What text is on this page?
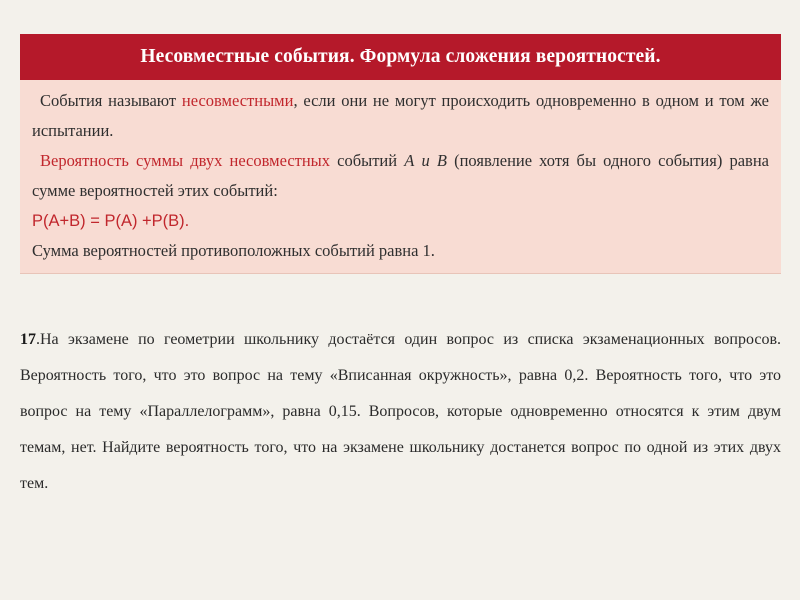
Несовместные события. Формула сложения вероятностей.

События называют несовместными, если они не могут происходить одновременно в одном и том же испытании.

Вероятность суммы двух несовместных событий А и В (появление хотя бы одного события) равна сумме вероятностей этих событий:

Р(А+В) = Р(А) +Р(В).

Сумма вероятностей противоположных событий равна 1.

17.На экзамене по геометрии школьнику достаётся один вопрос из списка экзаменационных вопросов. Вероятность того, что это вопрос на тему «Вписанная окружность», равна 0,2. Вероятность того, что это вопрос на тему «Параллелограмм», равна 0,15. Вопросов, которые одновременно относятся к этим двум темам, нет. Найдите вероятность того, что на экзамене школьнику достанется вопрос по одной из этих двух тем.
